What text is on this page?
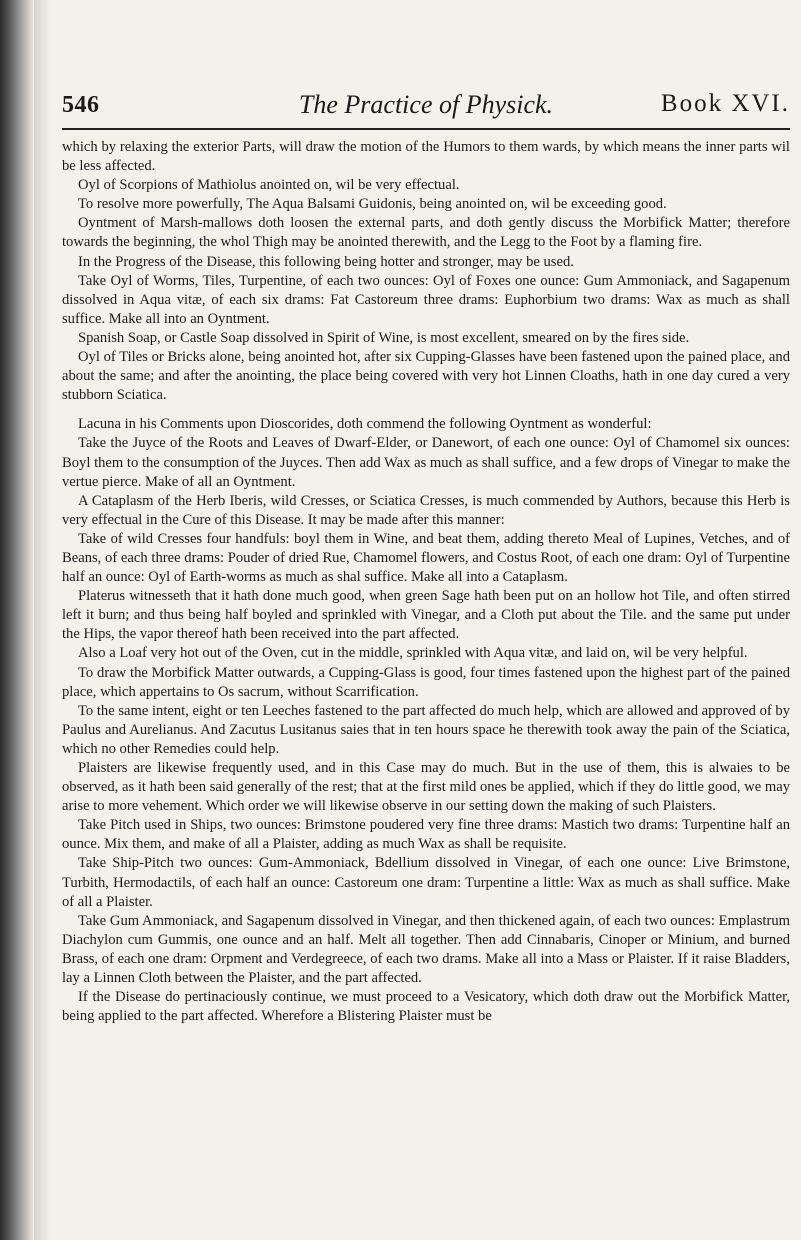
546	The Practice of Physick.	Book XVI.

which by relaxing the exterior Parts, will draw the motion of the Humors to them wards, by which means the inner parts wil be less affected.

Oyl of Scorpions of Mathiolus anointed on, wil be very effectual.

To resolve more powerfully, The Aqua Balsami Guidonis, being anointed on, wil be exceeding good.

Oyntment of Marsh-mallows doth loosen the external parts, and doth gently discuss the Morbifick Matter; therefore towards the beginning, the whol Thigh may be anointed therewith, and the Legg to the Foot by a flaming fire.

In the Progress of the Disease, this following being hotter and stronger, may be used.

Take Oyl of Worms, Tiles, Turpentine, of each two ounces: Oyl of Foxes one ounce: Gum Ammoniack, and Sagapenum dissolved in Aqua vitæ, of each six drams: Fat Castoreum three drams: Euphorbium two drams: Wax as much as shall suffice. Make all into an Oyntment.

Spanish Soap, or Castle Soap dissolved in Spirit of Wine, is most excellent, smeared on by the fires side.

Oyl of Tiles or Bricks alone, being anointed hot, after six Cupping-Glasses have been fastened upon the pained place, and about the same; and after the anointing, the place being covered with very hot Linnen Cloaths, hath in one day cured a very stubborn Sciatica.

Lacuna in his Comments upon Dioscorides, doth commend the following Oyntment as wonderful:

Take the Juyce of the Roots and Leaves of Dwarf-Elder, or Danewort, of each one ounce: Oyl of Chamomel six ounces: Boyl them to the consumption of the Juyces. Then add Wax as much as shall suffice, and a few drops of Vinegar to make the vertue pierce. Make of all an Oyntment.

A Cataplasm of the Herb Iberis, wild Cresses, or Sciatica Cresses, is much commended by Authors, because this Herb is very effectual in the Cure of this Disease. It may be made after this manner:

Take of wild Cresses four handfuls: boyl them in Wine, and beat them, adding thereto Meal of Lupines, Vetches, and of Beans, of each three drams: Pouder of dried Rue, Chamomel flowers, and Costus Root, of each one dram: Oyl of Turpentine half an ounce: Oyl of Earth-worms as much as shal suffice. Make all into a Cataplasm.

Platerus witnesseth that it hath done much good, when green Sage hath been put on an hollow hot Tile, and often stirred left it burn; and thus being half boyled and sprinkled with Vinegar, and a Cloth put about the Tile. and the same put under the Hips, the vapor thereof hath been received into the part affected.

Also a Loaf very hot out of the Oven, cut in the middle, sprinkled with Aqua vitæ, and laid on, wil be very helpful.

To draw the Morbifick Matter outwards, a Cupping-Glass is good, four times fastened upon the highest part of the pained place, which appertains to Os sacrum, without Scarrification.

To the same intent, eight or ten Leeches fastened to the part affected do much help, which are allowed and approved of by Paulus and Aurelianus. And Zacutus Lusitanus saies that in ten hours space he therewith took away the pain of the Sciatica, which no other Remedies could help.

Plaisters are likewise frequently used, and in this Case may do much. But in the use of them, this is alwaies to be observed, as it hath been said generally of the rest; that at the first mild ones be applied, which if they do little good, we may arise to more vehement. Which order we will likewise observe in our setting down the making of such Plaisters.

Take Pitch used in Ships, two ounces: Brimstone poudered very fine three drams: Mastich two drams: Turpentine half an ounce. Mix them, and make of all a Plaister, adding as much Wax as shall be requisite.

Take Ship-Pitch two ounces: Gum-Ammoniack, Bdellium dissolved in Vinegar, of each one ounce: Live Brimstone, Turbith, Hermodactils, of each half an ounce: Castoreum one dram: Turpentine a little: Wax as much as shall suffice. Make of all a Plaister.

Take Gum Ammoniack, and Sagapenum dissolved in Vinegar, and then thickened again, of each two ounces: Emplastrum Diachylon cum Gummis, one ounce and an half. Melt all together. Then add Cinnabaris, Cinoper or Minium, and burned Brass, of each one dram: Orpment and Verdegreece, of each two drams. Make all into a Mass or Plaister. If it raise Bladders, lay a Linnen Cloth between the Plaister, and the part affected.

If the Disease do pertinaciously continue, we must proceed to a Vesicatory, which doth draw out the Morbifick Matter, being applied to the part affected. Wherefore a Blistering Plaister must be
